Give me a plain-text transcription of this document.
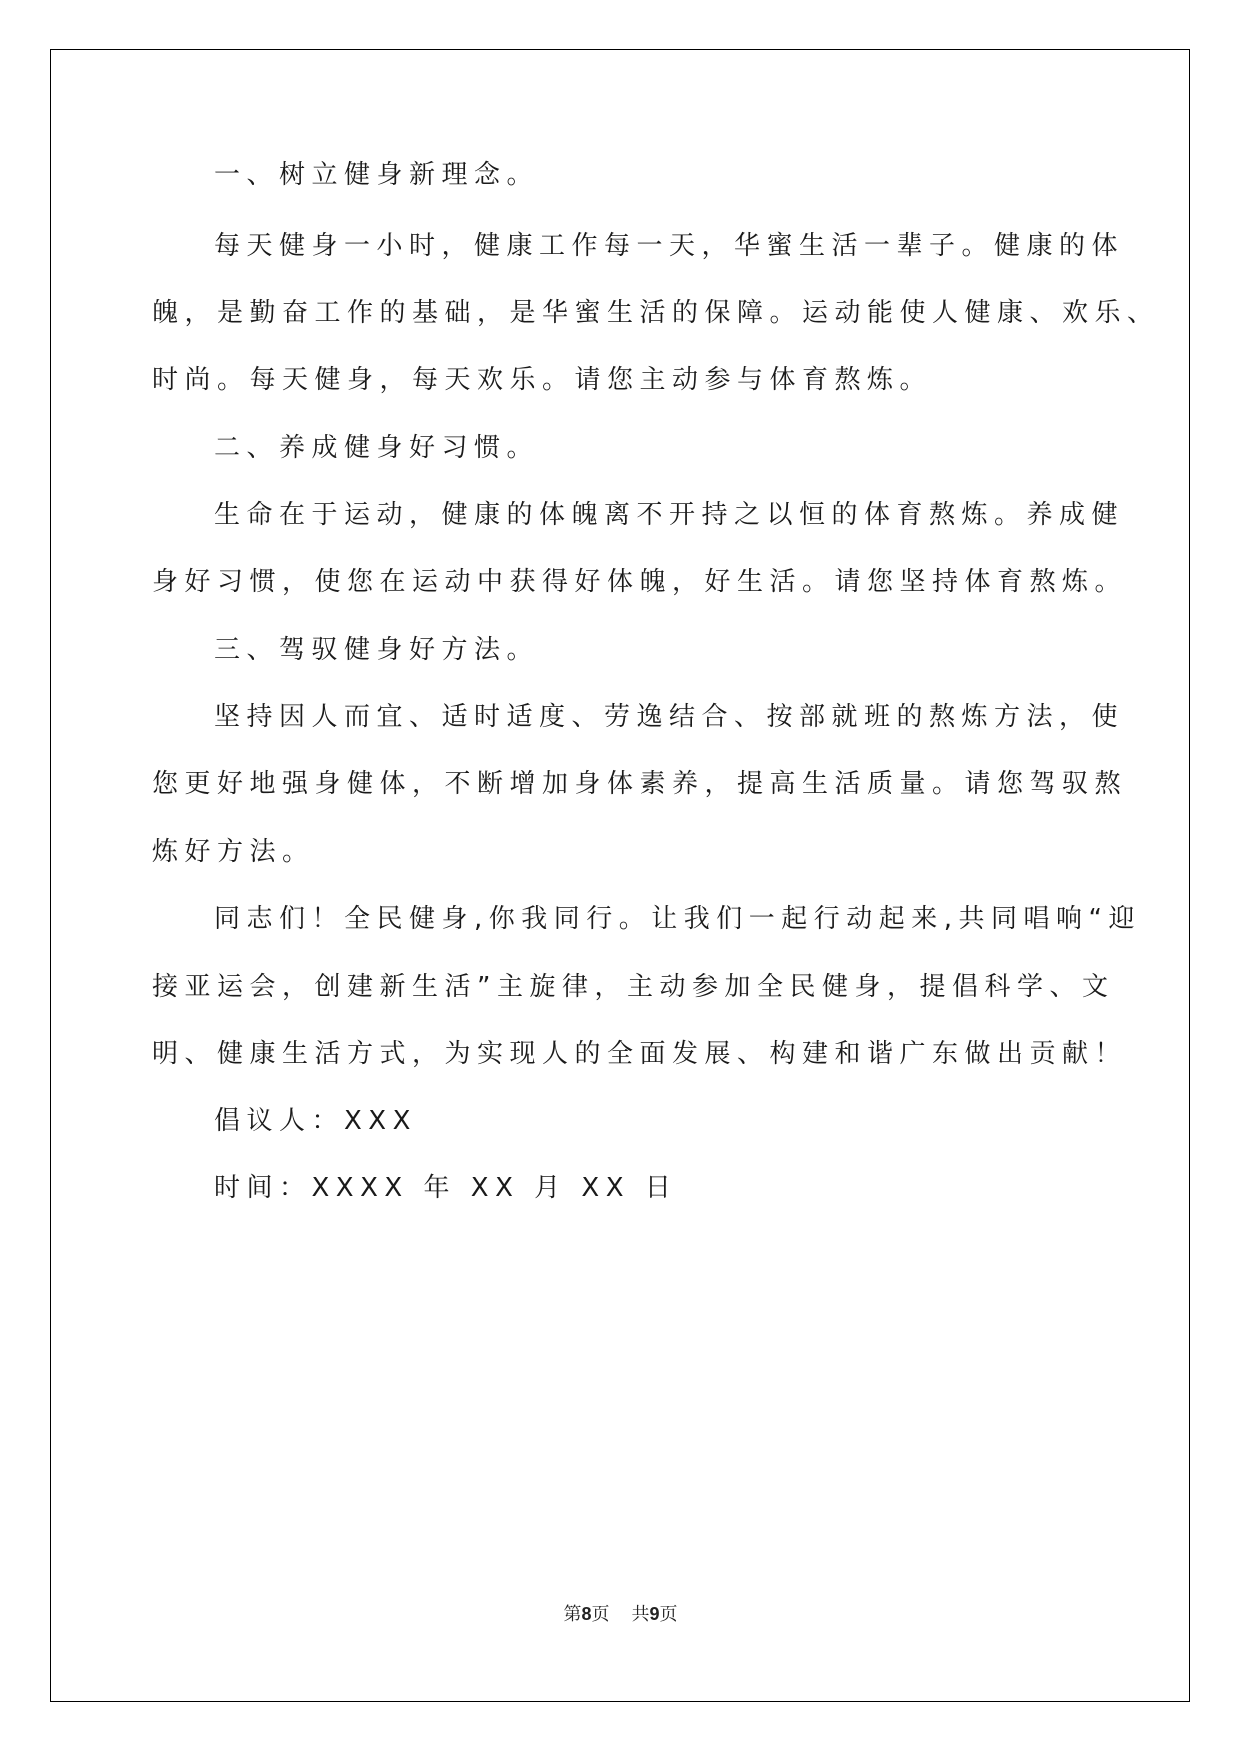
一、树立健身新理念。

每天健身一小时，健康工作每一天，华蜜生活一辈子。健康的体

魄，是勤奋工作的基础，是华蜜生活的保障。运动能使人健康、欢乐、

时尚。每天健身，每天欢乐。请您主动参与体育熬炼。

二、养成健身好习惯。

生命在于运动，健康的体魄离不开持之以恒的体育熬炼。养成健

身好习惯，使您在运动中获得好体魄，好生活。请您坚持体育熬炼。

三、驾驭健身好方法。

坚持因人而宜、适时适度、劳逸结合、按部就班的熬炼方法，使

您更好地强身健体，不断增加身体素养，提高生活质量。请您驾驭熬

炼好方法。

同志们！全民健身,你我同行。让我们一起行动起来,共同唱响“迎

接亚运会，创建新生活”主旋律，主动参加全民健身，提倡科学、文

明、健康生活方式，为实现人的全面发展、构建和谐广东做出贡献！

倡议人：XXX

时间：XXXX 年 XX 月 XX 日

第8页 共9页
